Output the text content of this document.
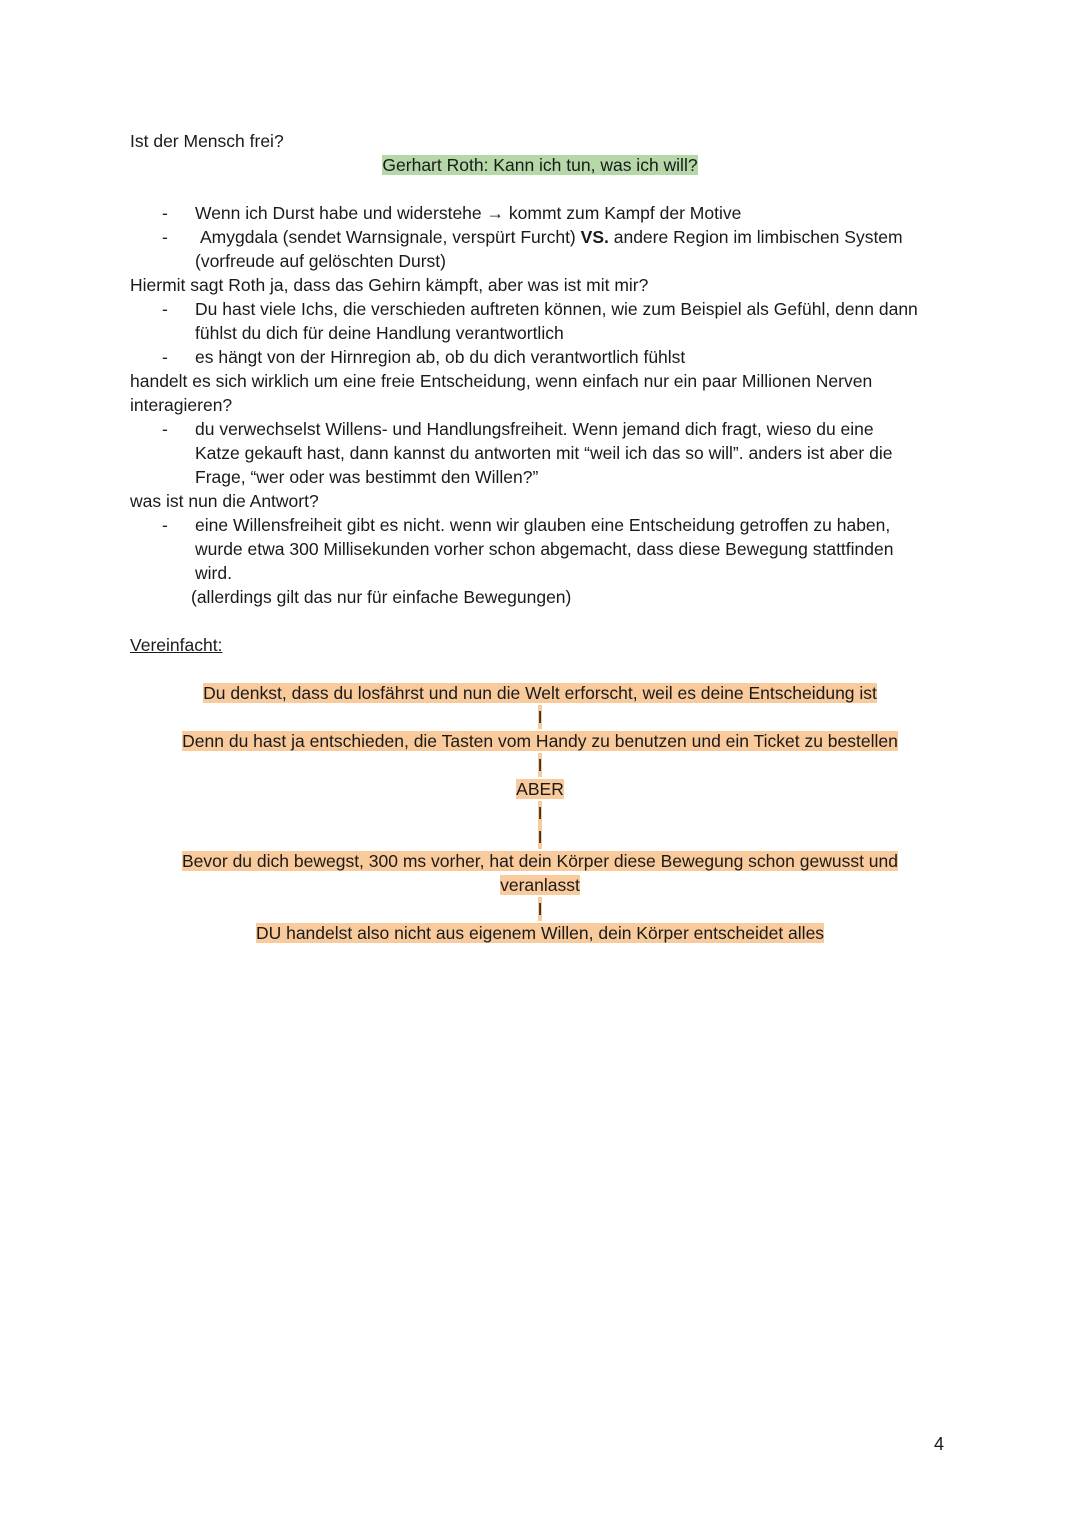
Ist der Mensch frei?
Gerhart Roth: Kann ich tun, was ich will?
- Wenn ich Durst habe und widerstehe → kommt zum Kampf der Motive
- Amygdala (sendet Warnsignale, verspürt Furcht) VS. andere Region im limbischen System
(vorfreude auf gelöschten Durst)
Hiermit sagt Roth ja, dass das Gehirn kämpft, aber was ist mit mir?
- Du hast viele Ichs, die verschieden auftreten können, wie zum Beispiel als Gefühl, denn dann
fühlst du dich für deine Handlung verantwortlich
- es hängt von der Hirnregion ab, ob du dich verantwortlich fühlst
handelt es sich wirklich um eine freie Entscheidung, wenn einfach nur ein paar Millionen Nerven
interagieren?
- du verwechselst Willens- und Handlungsfreiheit. Wenn jemand dich fragt, wieso du eine
Katze gekauft hast, dann kannst du antworten mit “weil ich das so will”. anders ist aber die
Frage, “wer oder was bestimmt den Willen?”
was ist nun die Antwort?
- eine Willensfreiheit gibt es nicht. wenn wir glauben eine Entscheidung getroffen zu haben,
wurde etwa 300 Millisekunden vorher schon abgemacht, dass diese Bewegung stattfinden
wird.
(allerdings gilt das nur für einfache Bewegungen)
Vereinfacht:
Du denkst, dass du losfährst und nun die Welt erforscht, weil es deine Entscheidung ist
I
Denn du hast ja entschieden, die Tasten vom Handy zu benutzen und ein Ticket zu bestellen
I
ABER
I
I
Bevor du dich bewegst, 300 ms vorher, hat dein Körper diese Bewegung schon gewusst und
veranlasst
I
DU handelst also nicht aus eigenem Willen, dein Körper entscheidet alles
4
